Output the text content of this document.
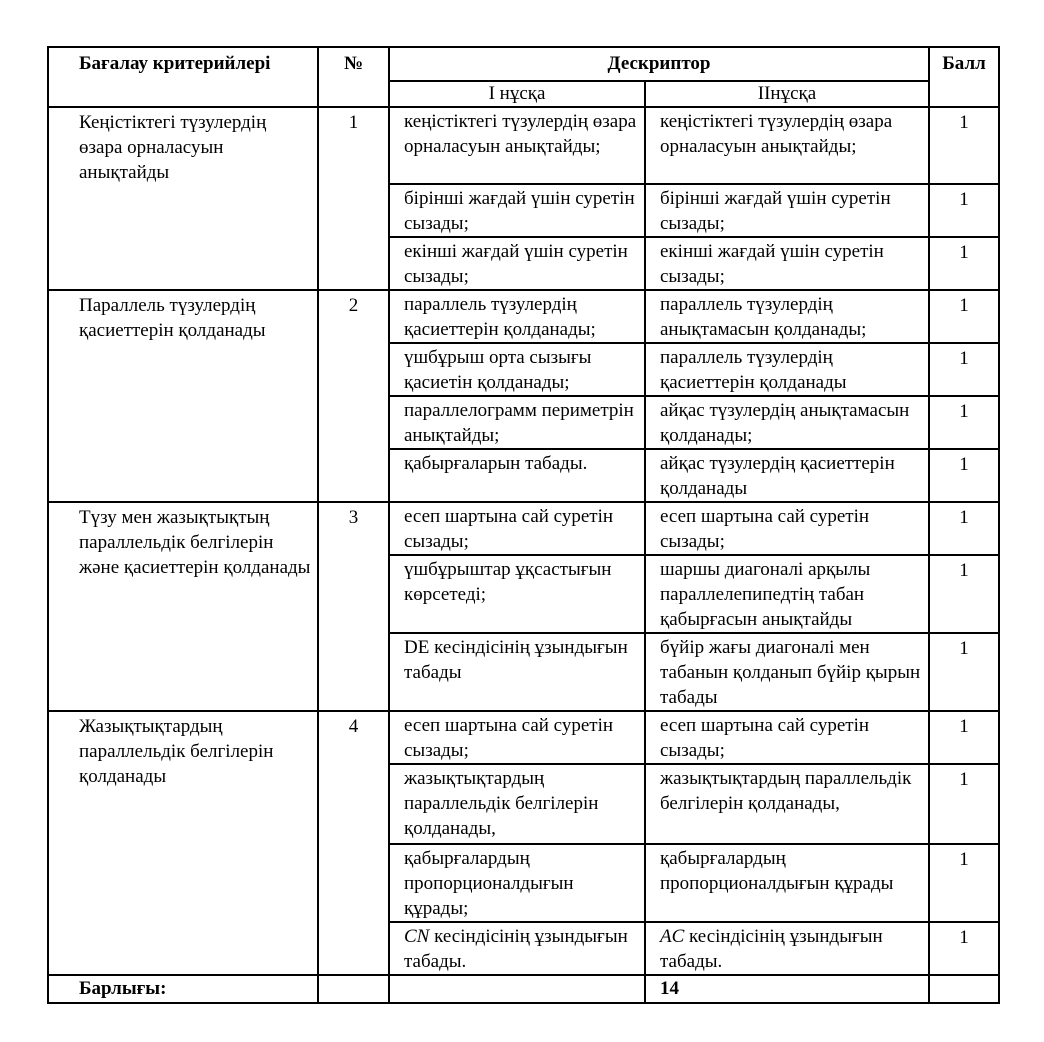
Бағалау критерийлері	№	Дескриптор		Балл
		I нұсқа	IIнұсқа	
Кеңістіктегі түзулердің өзара орналасуын анықтайды	1	кеңістіктегі түзулердің өзара орналасуын анықтайды;	кеңістіктегі түзулердің өзара орналасуын анықтайды;	1
		бірінші жағдай үшін суретін сызады;	бірінші жағдай үшін суретін сызады;	1
		екінші жағдай үшін суретін сызады;	екінші жағдай үшін суретін сызады;	1
Параллель түзулердің қасиеттерін қолданады	2	параллель түзулердің қасиеттерін қолданады;	параллель түзулердің анықтамасын қолданады;	1
		үшбұрыш орта сызығы қасиетін қолданады;	параллель түзулердің қасиеттерін қолданады	1
		параллелограмм периметрін анықтайды;	айқас түзулердің анықтамасын қолданады;	1
		қабырғаларын табады.	айқас түзулердің қасиеттерін қолданады	1
Түзу мен жазықтықтың параллельдік белгілерін және қасиеттерін қолданады	3	есеп шартына сай суретін сызады;	есеп шартына сай суретін сызады;	1
		үшбұрыштар ұқсастығын көрсетеді;	шаршы диагоналі арқылы параллелепипедтің табан қабырғасын анықтайды	1
		DE кесіндісінің ұзындығын табады	бүйір жағы диагоналі мен табанын қолданып бүйір қырын табады	1
Жазықтықтардың параллельдік белгілерін қолданады	4	есеп шартына сай суретін сызады;	есеп шартына сай суретін сызады;	1
		жазықтықтардың параллельдік белгілерін қолданады,	жазықтықтардың параллельдік белгілерін қолданады,	1
		қабырғалардың пропорционалдығын құрады;	қабырғалардың пропорционалдығын құрады	1
		CN кесіндісінің ұзындығын табады.	AC кесіндісінің ұзындығын табады.	1
Барлығы:			14	
